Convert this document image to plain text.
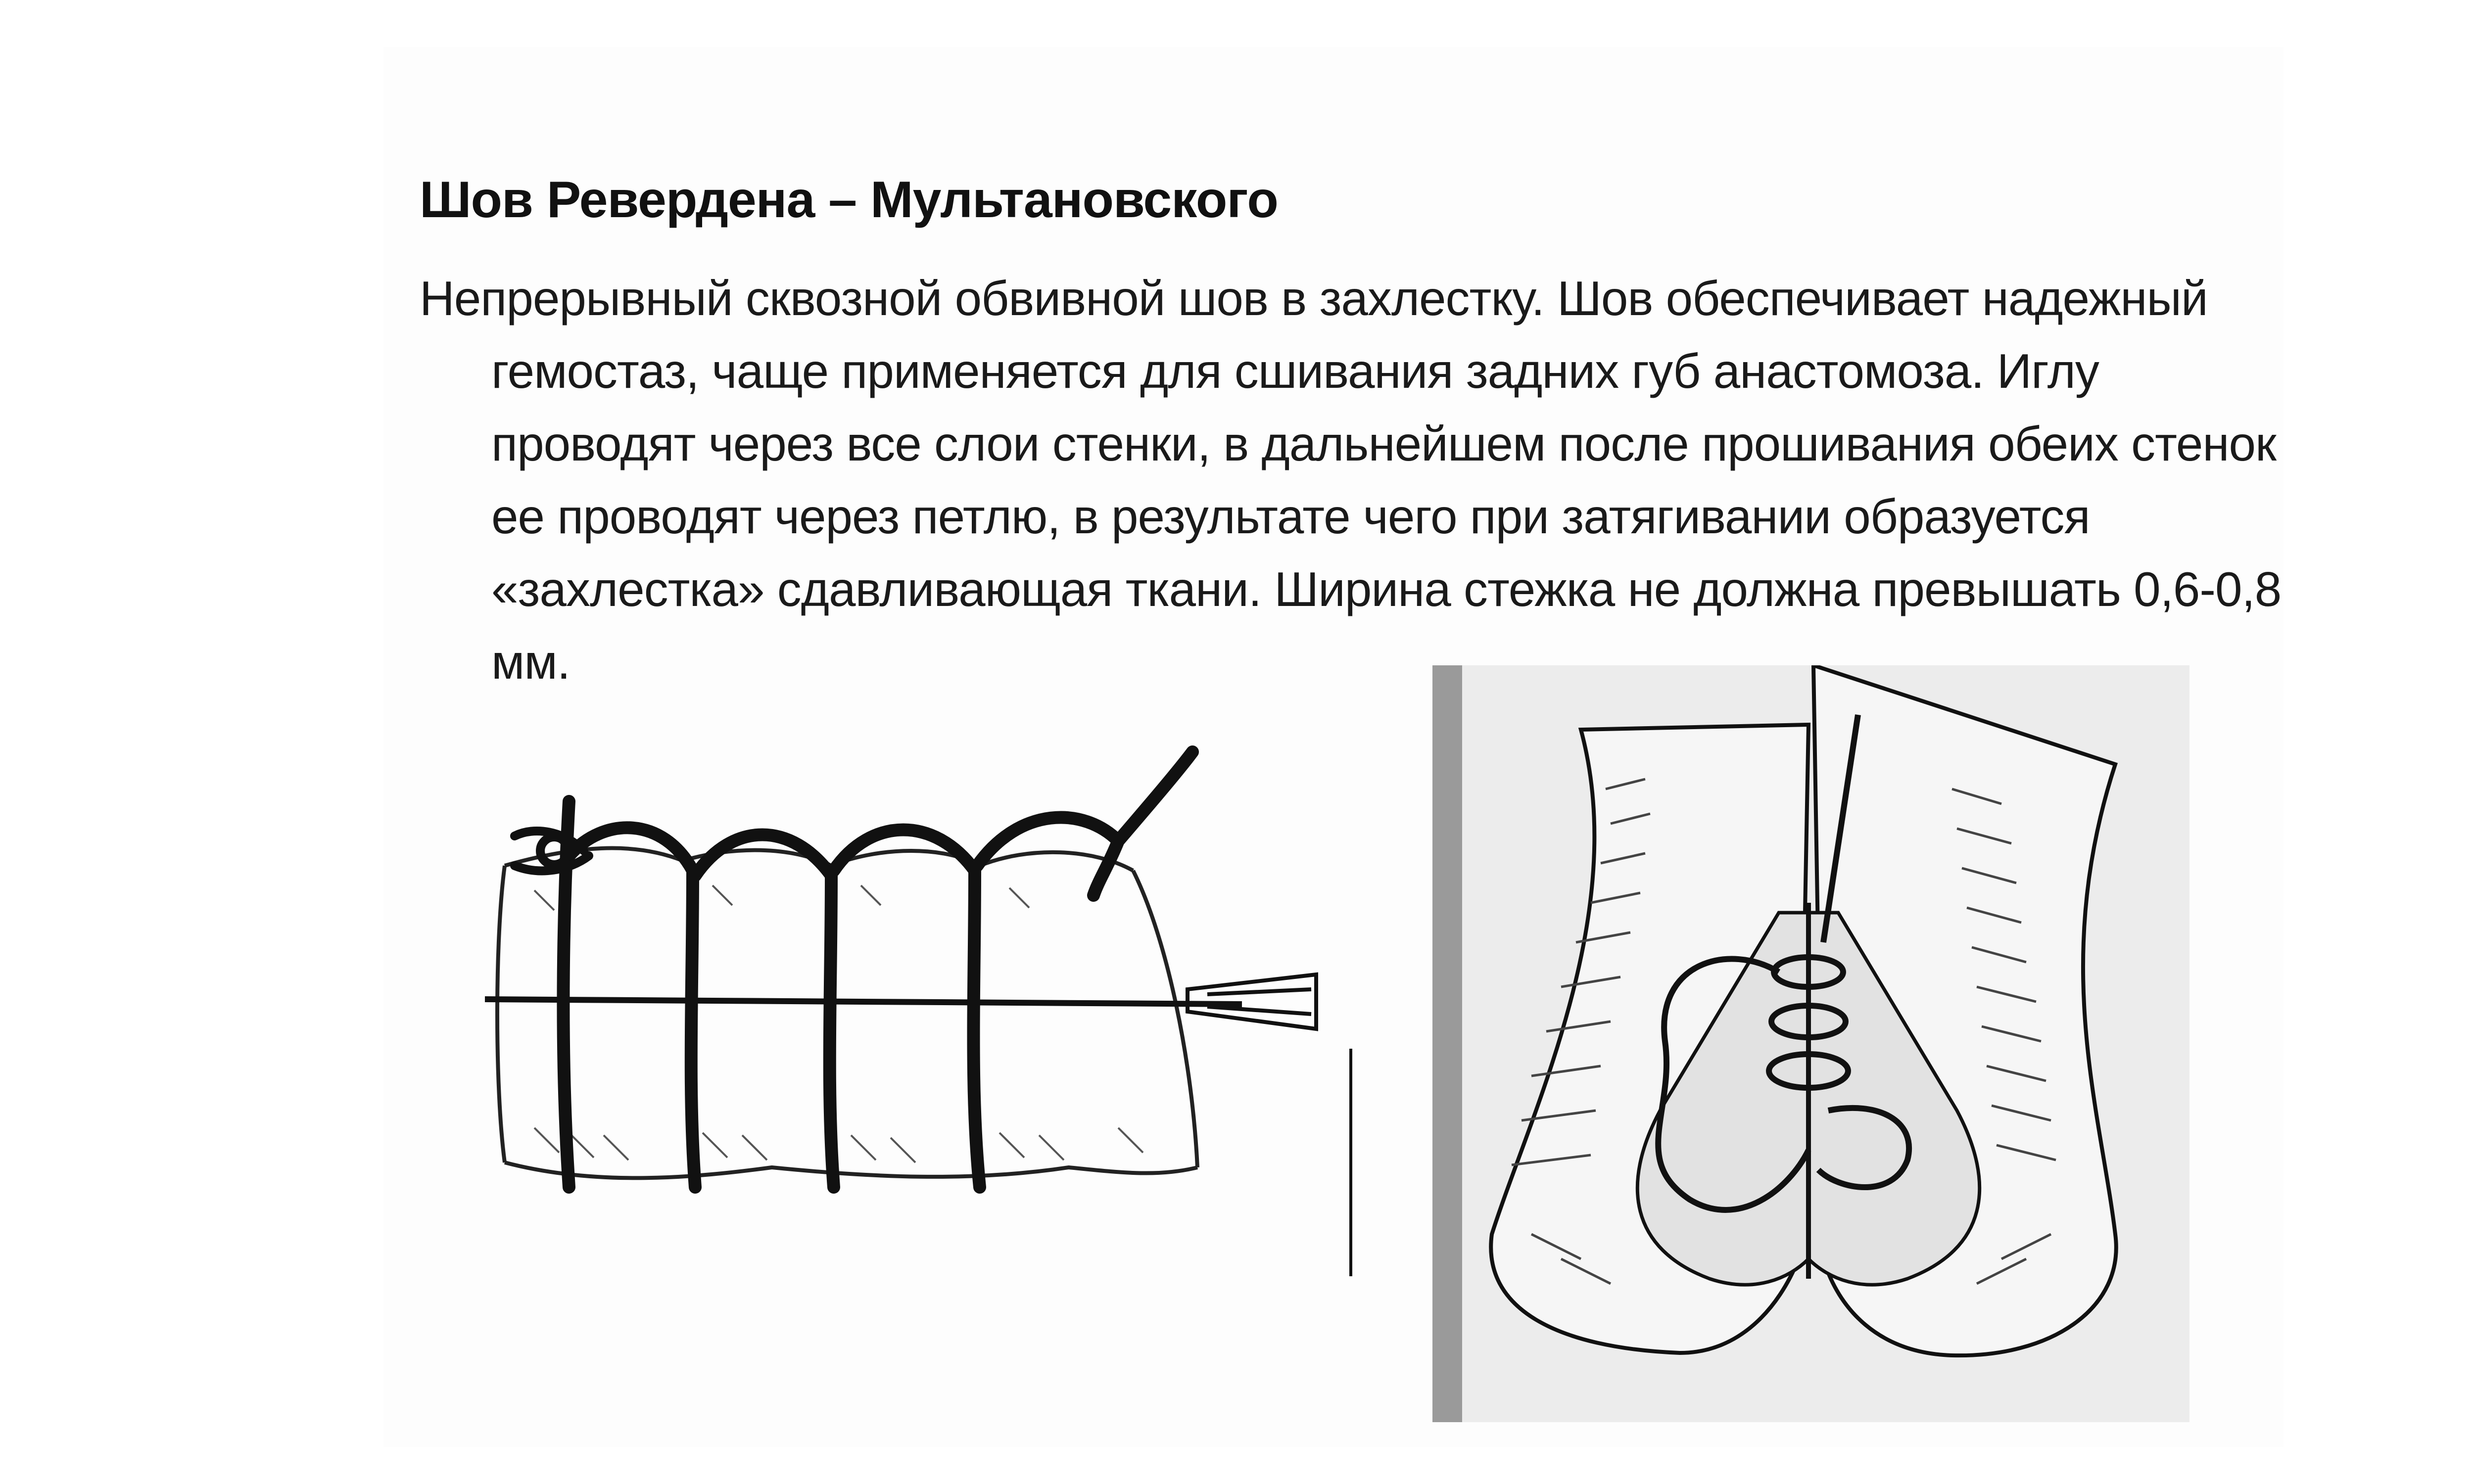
Шов Ревердена – Мультановского
Непрерывный сквозной обвивной шов в захлестку. Шов обеспечивает надежный гемостаз, чаще применяется для сшивания задних губ анастомоза. Иглу проводят через все слои стенки, в дальнейшем после прошивания обеих стенок ее проводят через петлю, в результате чего при затягивании образуется «захлестка» сдавливающая ткани. Ширина стежка не должна превышать 0,6-0,8 мм.
